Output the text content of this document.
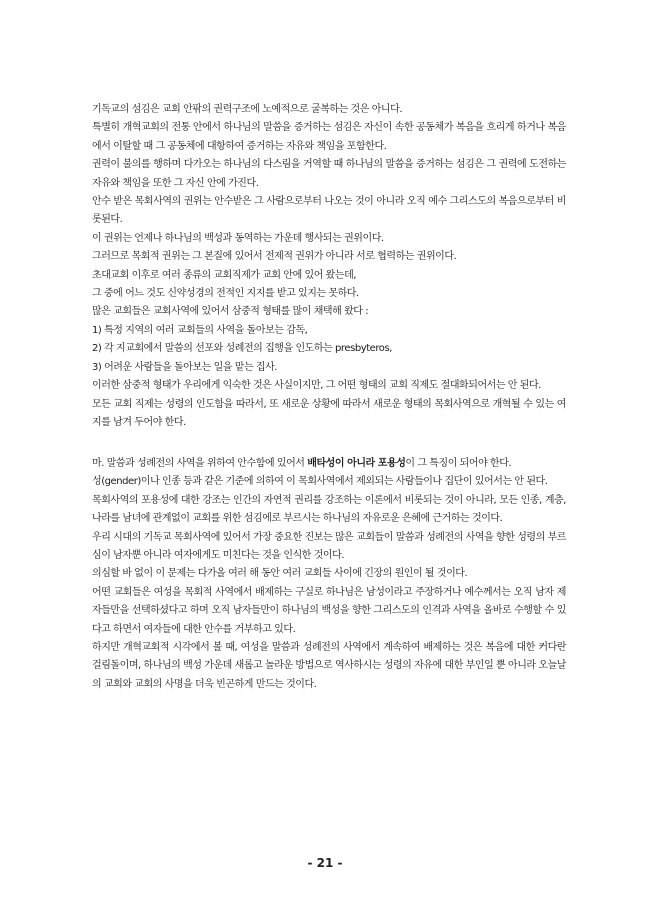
기독교의 섬김은 교회 안팎의 권력구조에 노예적으로 굴복하는 것은 아니다.

특별히 개혁교회의 전통 안에서 하나님의 말씀을 증거하는 섬김은 자신이 속한 공동체가 복음을 흐리게 하거나 복음에서 이탈할 때 그 공동체에 대항하여 증거하는 자유와 책임을 포함한다.

권력이 불의를 행하며 다가오는 하나님의 다스림을 거역할 때 하나님의 말씀을 증거하는 섬김은 그 권력에 도전하는 자유와 책임을 또한 그 자신 안에 가진다.

안수 받은 목회사역의 권위는 안수받은 그 사람으로부터 나오는 것이 아니라 오직 예수 그리스도의 복음으로부터 비롯된다.

이 권위는 언제나 하나님의 백성과 동역하는 가운데 행사되는 권위이다.

그러므로 목회적 권위는 그 본질에 있어서 전제적 권위가 아니라 서로 협력하는 권위이다.

초대교회 이후로 여러 종류의 교회직제가 교회 안에 있어 왔는데,

그 중에 어느 것도 신약성경의 전적인 지지를 받고 있지는 못하다.

많은 교회들은 교회사역에 있어서 삼중적 형태를 많이 채택해 왔다 :

1) 특정 지역의 여러 교회들의 사역을 돌아보는 감독,

2) 각 지교회에서 말씀의 선포와 성례전의 집행을 인도하는 presbyteros,

3) 어려운 사람들을 돌아보는 일을 맡는 집사.

이러한 삼중적 형태가 우리에게 익숙한 것은 사실이지만, 그 어떤 형태의 교회 직제도 절대화되어서는 안 된다.

모든 교회 직제는 성령의 인도함을 따라서, 또 새로운 상황에 따라서 새로운 형태의 목회사역으로 개혁될 수 있는 여지를 남겨 두어야 한다.

마. 말씀과 성례전의 사역을 위하여 안수함에 있어서 배타성이 아니라 포용성이 그 특징이 되어야 한다.

성(gender)이나 인종 등과 같은 기준에 의하여 이 목회사역에서 제외되는 사람들이나 집단이 있어서는 안 된다.

목회사역의 포용성에 대한 강조는 인간의 자연적 권리를 강조하는 이론에서 비롯되는 것이 아니라, 모든 인종, 계층, 나라를 남녀에 관계없이 교회를 위한 섬김에로 부르시는 하나님의 자유로운 은혜에 근거하는 것이다.

우리 시대의 기독교 목회사역에 있어서 가장 중요한 진보는 많은 교회들이 말씀과 성례전의 사역을 향한 성령의 부르심이 남자뿐 아니라 여자에게도 미친다는 것을 인식한 것이다.

의심할 바 없이 이 문제는 다가올 여러 해 동안 여러 교회들 사이에 긴장의 원인이 될 것이다.

어떤 교회들은 여성을 목회적 사역에서 배제하는 구실로 하나님은 남성이라고 주장하거나 예수께서는 오직 남자 제자들만을 선택하셨다고 하며 오직 남자들만이 하나님의 백성을 향한 그리스도의 인격과 사역을 올바로 수행할 수 있다고 하면서 여자들에 대한 안수를 거부하고 있다.

하지만 개혁교회적 시각에서 볼 때, 여성을 말씀과 성례전의 사역에서 계속하여 배제하는 것은 복음에 대한 커다란 걸림돌이며, 하나님의 백성 가운데 새롭고 놀라운 방법으로 역사하시는 성령의 자유에 대한 부인일 뿐 아니라 오늘날의 교회와 교회의 사명을 더욱 빈곤하게 만드는 것이다.

- 21 -
